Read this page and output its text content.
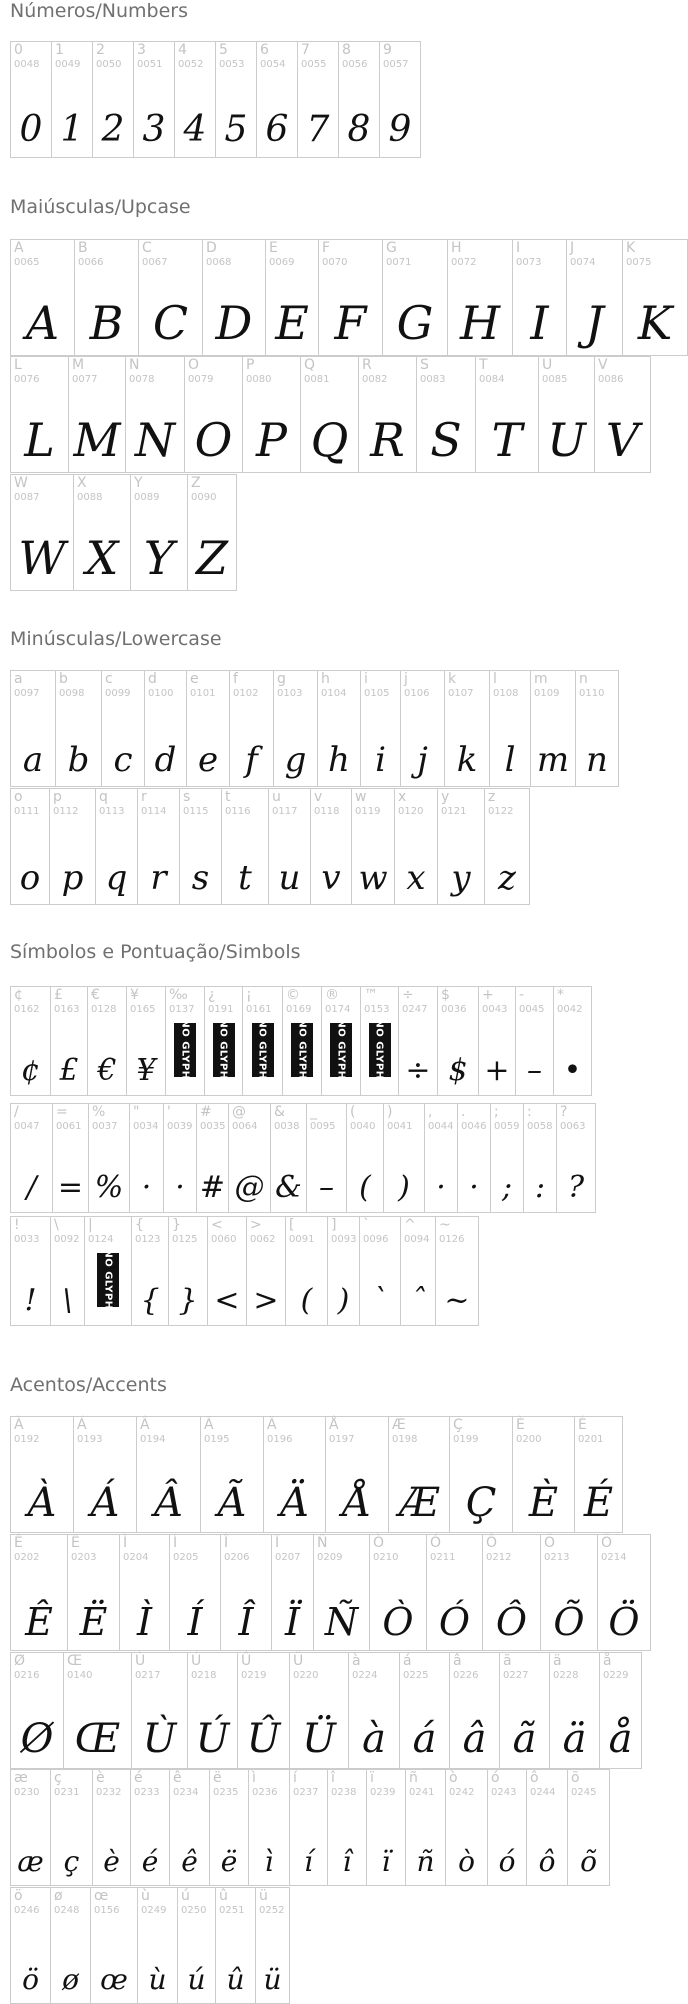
Números/Numbers
0
0048
0
1
0049
1
2
0050
2
3
0051
3
4
0052
4
5
0053
5
6
0054
6
7
0055
7
8
0056
8
9
0057
9
Maiúsculas/Upcase
A
0065
A
B
0066
B
C
0067
C
D
0068
D
E
0069
E
F
0070
F
G
0071
G
H
0072
H
I
0073
I
J
0074
J
K
0075
K
L
0076
L
M
0077
M
N
0078
N
O
0079
O
P
0080
P
Q
0081
Q
R
0082
R
S
0083
S
T
0084
T
U
0085
U
V
0086
V
W
0087
W
X
0088
X
Y
0089
Y
Z
0090
Z
Minúsculas/Lowercase
a
0097
a
b
0098
b
c
0099
c
d
0100
d
e
0101
e
f
0102
f
g
0103
g
h
0104
h
i
0105
i
j
0106
j
k
0107
k
l
0108
l
m
0109
m
n
0110
n
o
0111
o
p
0112
p
q
0113
q
r
0114
r
s
0115
s
t
0116
t
u
0117
u
v
0118
v
w
0119
w
x
0120
x
y
0121
y
z
0122
z
Símbolos e Pontuação/Simbols
¢
0162
¢
£
0163
£
€
0128
€
¥
0165
¥
‰
0137
NO GLYPH
¿
0191
NO GLYPH
¡
0161
NO GLYPH
©
0169
NO GLYPH
®
0174
NO GLYPH
™
0153
NO GLYPH
÷
0247
÷
$
0036
$
+
0043
+
-
0045
–
*
0042
•
/
0047
/
=
0061
=
%
0037
%
"
0034
·
'
0039
·
#
0035
#
@
0064
@
&
0038
&
_
0095
–
(
0040
(
)
0041
)
,
0044
·
.
0046
·
;
0059
;
:
0058
:
?
0063
?
!
0033
!
\
0092
\
|
0124
NO GLYPH
{
0123
{
}
0125
}
<
0060
<
>
0062
>
[
0091
(
]
0093
)
`
0096
`
^
0094
ˆ
~
0126
~
Acentos/Accents
À
0192
À
Á
0193
Á
Â
0194
Â
Ã
0195
Ã
Ä
0196
Ä
Å
0197
Å
Æ
0198
Æ
Ç
0199
Ç
È
0200
È
É
0201
É
Ê
0202
Ê
Ë
0203
Ë
Ì
0204
Ì
Í
0205
Í
Î
0206
Î
Ï
0207
Ï
Ñ
0209
Ñ
Ò
0210
Ò
Ó
0211
Ó
Ô
0212
Ô
Õ
0213
Õ
Ö
0214
Ö
Ø
0216
Ø
Œ
0140
Œ
Ù
0217
Ù
Ú
0218
Ú
Û
0219
Û
Ü
0220
Ü
à
0224
à
á
0225
á
â
0226
â
ã
0227
ã
ä
0228
ä
å
0229
å
æ
0230
æ
ç
0231
ç
è
0232
è
é
0233
é
ê
0234
ê
ë
0235
ë
ì
0236
ì
í
0237
í
î
0238
î
ï
0239
ï
ñ
0241
ñ
ò
0242
ò
ó
0243
ó
ô
0244
ô
õ
0245
õ
ö
0246
ö
ø
0248
ø
œ
0156
œ
ù
0249
ù
ú
0250
ú
û
0251
û
ü
0252
ü
